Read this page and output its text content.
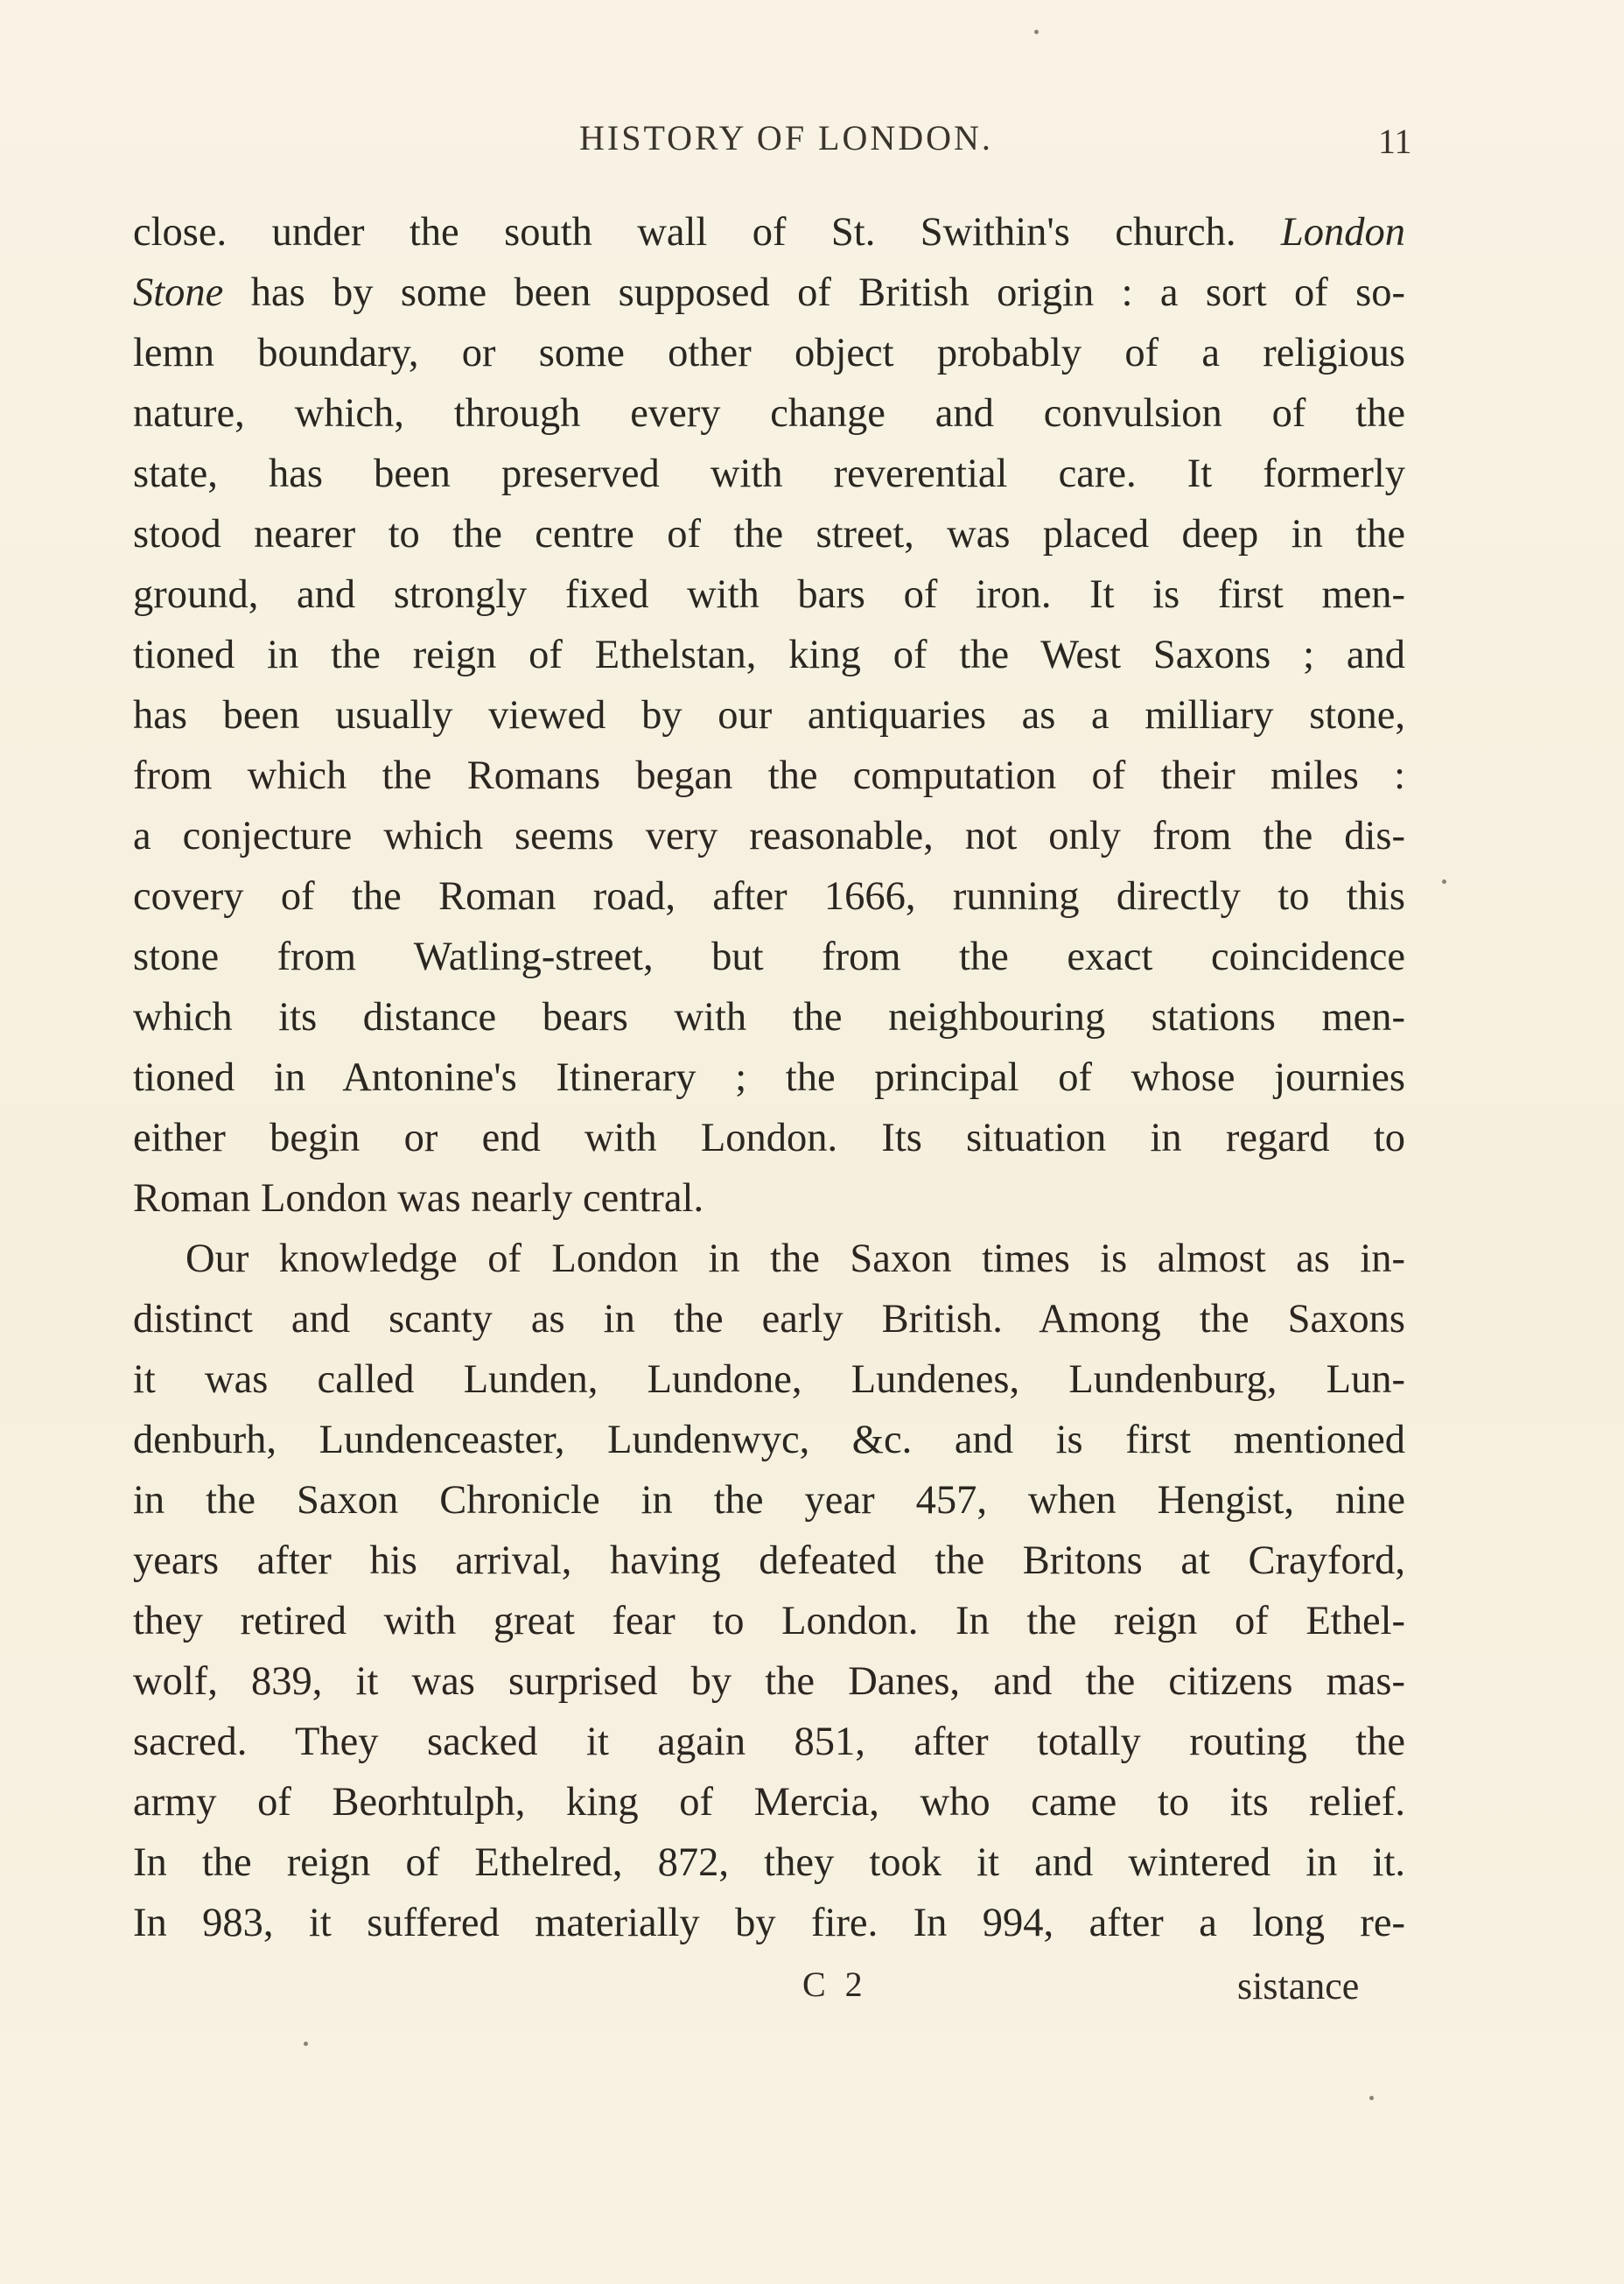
HISTORY OF LONDON.	11
close. under the south wall of St. Swithin's church. London
Stone has by some been supposed of British origin : a sort of so-
lemn boundary, or some other object probably of a religious
nature, which, through every change and convulsion of the
state, has been preserved with reverential care. It formerly
stood nearer to the centre of the street, was placed deep in the
ground, and strongly fixed with bars of iron. It is first men-
tioned in the reign of Ethelstan, king of the West Saxons ; and
has been usually viewed by our antiquaries as a milliary stone,
from which the Romans began the computation of their miles :
a conjecture which seems very reasonable, not only from the dis-
covery of the Roman road, after 1666, running directly to this
stone from Watling-street, but from the exact coincidence
which its distance bears with the neighbouring stations men-
tioned in Antonine's Itinerary ; the principal of whose journies
either begin or end with London. Its situation in regard to
Roman London was nearly central.
Our knowledge of London in the Saxon times is almost as in-
distinct and scanty as in the early British. Among the Saxons
it was called Lunden, Lundone, Lundenes, Lundenburg, Lun-
denburh, Lundenceaster, Lundenwyc, &c. and is first mentioned
in the Saxon Chronicle in the year 457, when Hengist, nine
years after his arrival, having defeated the Britons at Crayford,
they retired with great fear to London. In the reign of Ethel-
wolf, 839, it was surprised by the Danes, and the citizens mas-
sacred. They sacked it again 851, after totally routing the
army of Beorhtulph, king of Mercia, who came to its relief.
In the reign of Ethelred, 872, they took it and wintered in it.
In 983, it suffered materially by fire. In 994, after a long re-
C 2	sistance
